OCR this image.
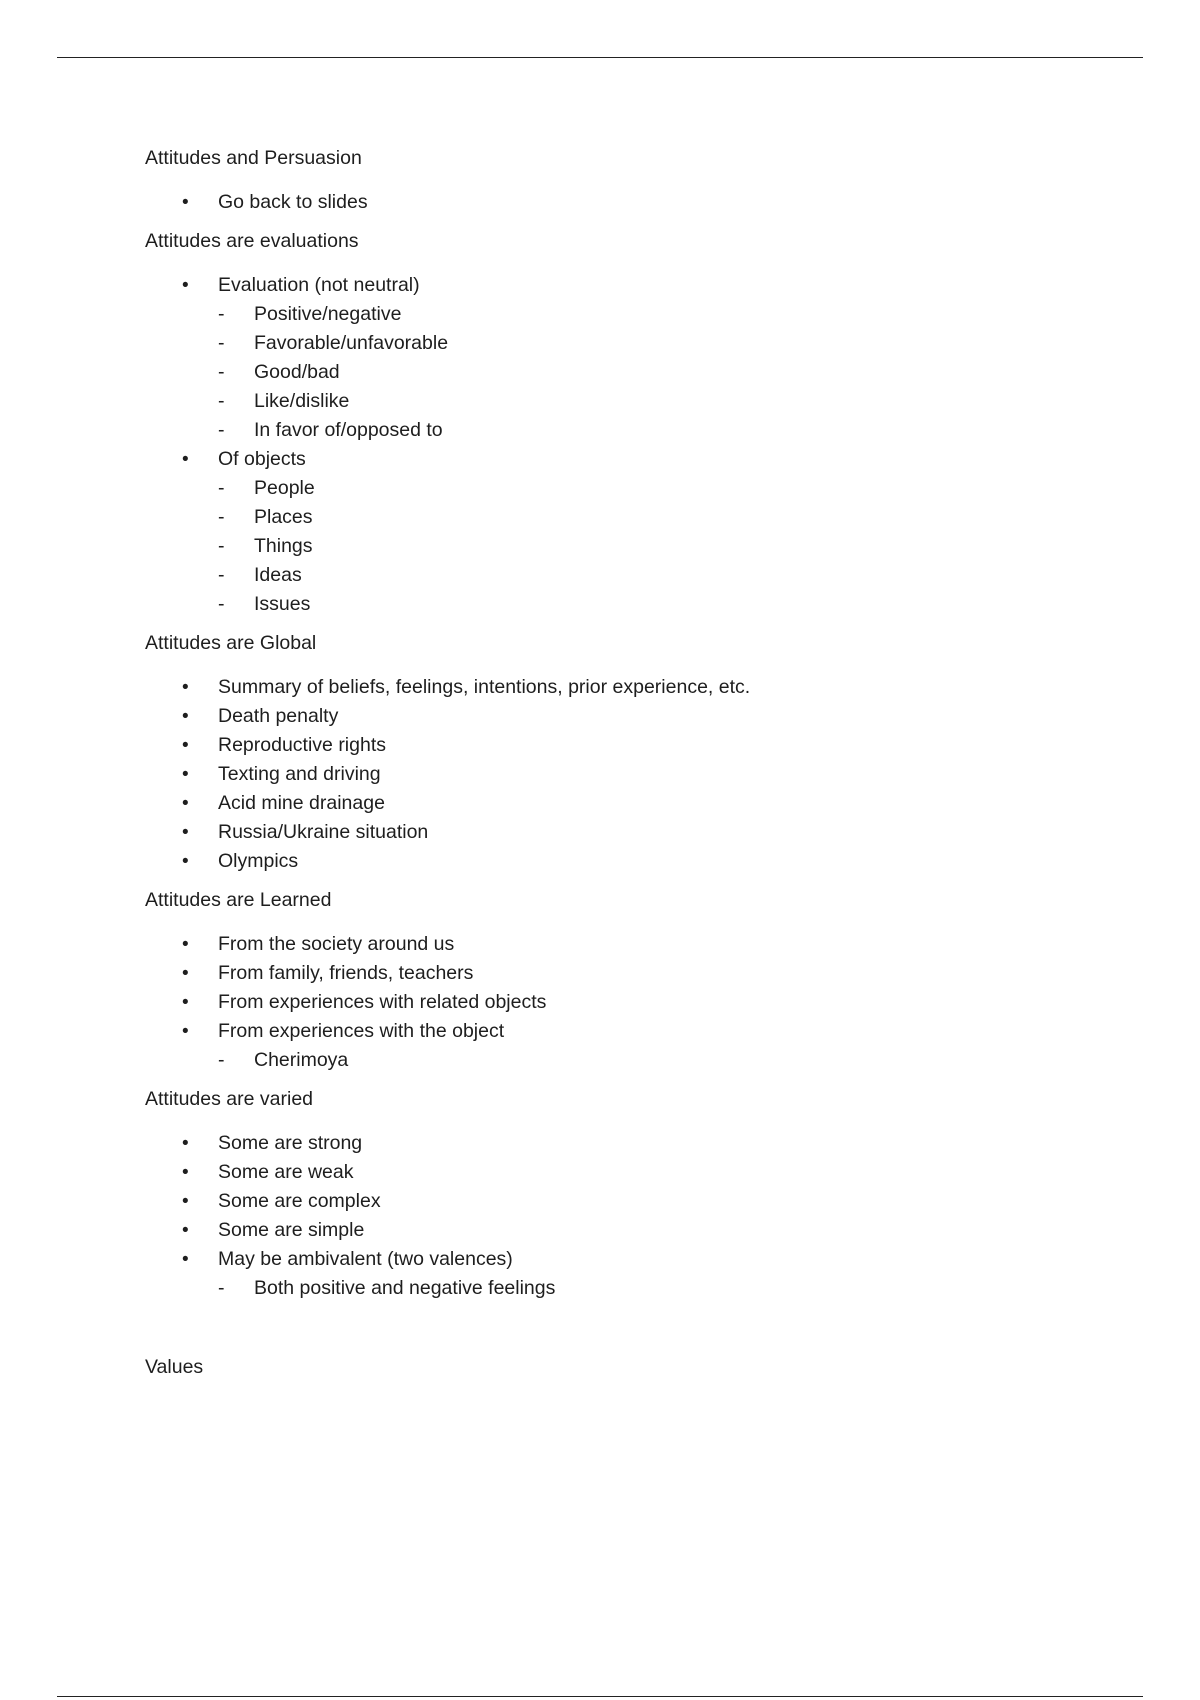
Attitudes and Persuasion

• Go back to slides

Attitudes are evaluations

• Evaluation (not neutral)
- Positive/negative
- Favorable/unfavorable
- Good/bad
- Like/dislike
- In favor of/opposed to
• Of objects
- People
- Places
- Things
- Ideas
- Issues

Attitudes are Global

• Summary of beliefs, feelings, intentions, prior experience, etc.
• Death penalty
• Reproductive rights
• Texting and driving
• Acid mine drainage
• Russia/Ukraine situation
• Olympics

Attitudes are Learned

• From the society around us
• From family, friends, teachers
• From experiences with related objects
• From experiences with the object
- Cherimoya

Attitudes are varied

• Some are strong
• Some are weak
• Some are complex
• Some are simple
• May be ambivalent (two valences)
- Both positive and negative feelings

Values
